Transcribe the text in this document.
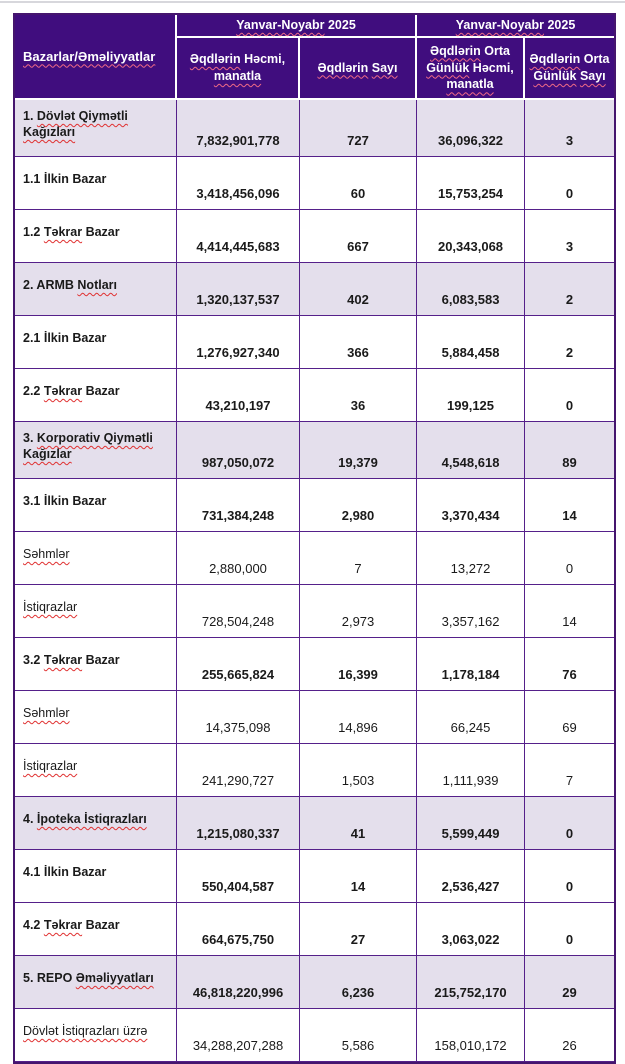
Bazarlar/Əməliyyatlar	Yanvar-Noyabr 2025		Yanvar-Noyabr 2025	
	Əqdlərin Həcmi, manatla	Əqdlərin Sayı	Əqdlərin Orta Günlük Həcmi, manatla	Əqdlərin Orta Günlük Sayı
1. Dövlət Qiymətli Kağızları	7,832,901,778	727	36,096,322	3
1.1 İlkin Bazar	3,418,456,096	60	15,753,254	0
1.2 Təkrar Bazar	4,414,445,683	667	20,343,068	3
2. ARMB Notları	1,320,137,537	402	6,083,583	2
2.1 İlkin Bazar	1,276,927,340	366	5,884,458	2
2.2 Təkrar Bazar	43,210,197	36	199,125	0
3. Korporativ Qiymətli Kağızlar	987,050,072	19,379	4,548,618	89
3.1 İlkin Bazar	731,384,248	2,980	3,370,434	14
Səhmlər	2,880,000	7	13,272	0
İstiqrazlar	728,504,248	2,973	3,357,162	14
3.2 Təkrar Bazar	255,665,824	16,399	1,178,184	76
Səhmlər	14,375,098	14,896	66,245	69
İstiqrazlar	241,290,727	1,503	1,111,939	7
4. İpoteka İstiqrazları	1,215,080,337	41	5,599,449	0
4.1 İlkin Bazar	550,404,587	14	2,536,427	0
4.2 Təkrar Bazar	664,675,750	27	3,063,022	0
5. REPO Əməliyyatları	46,818,220,996	6,236	215,752,170	29
Dövlət İstiqrazları üzrə	34,288,207,288	5,586	158,010,172	26
